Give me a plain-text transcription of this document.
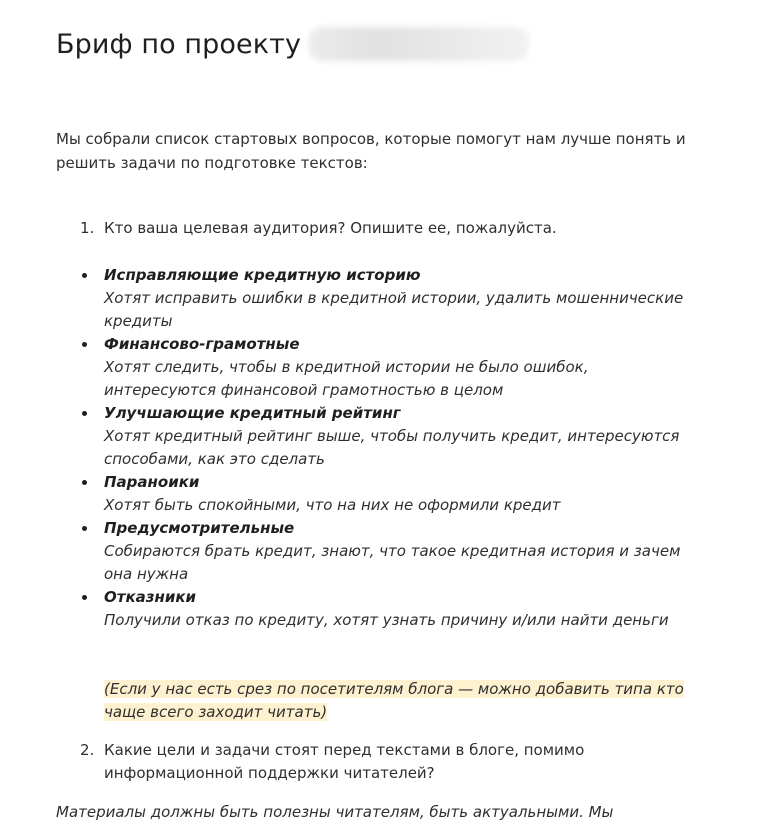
Бриф по проекту

Мы собрали список стартовых вопросов, которые помогут нам лучше понять и решить задачи по подготовке текстов:

1. Кто ваша целевая аудитория? Опишите ее, пожалуйста.

Исправляющие кредитную историю
Хотят исправить ошибки в кредитной истории, удалить мошеннические кредиты
Финансово-грамотные
Хотят следить, чтобы в кредитной истории не было ошибок, интересуются финансовой грамотностью в целом
Улучшающие кредитный рейтинг
Хотят кредитный рейтинг выше, чтобы получить кредит, интересуются способами, как это сделать
Параноики
Хотят быть спокойными, что на них не оформили кредит
Предусмотрительные
Собираются брать кредит, знают, что такое кредитная история и зачем она нужна
Отказники
Получили отказ по кредиту, хотят узнать причину и/или найти деньги

(Если у нас есть срез по посетителям блога — можно добавить типа кто чаще всего заходит читать)

2. Какие цели и задачи стоят перед текстами в блоге, помимо информационной поддержки читателей?

Материалы должны быть полезны читателям, быть актуальными. Мы
